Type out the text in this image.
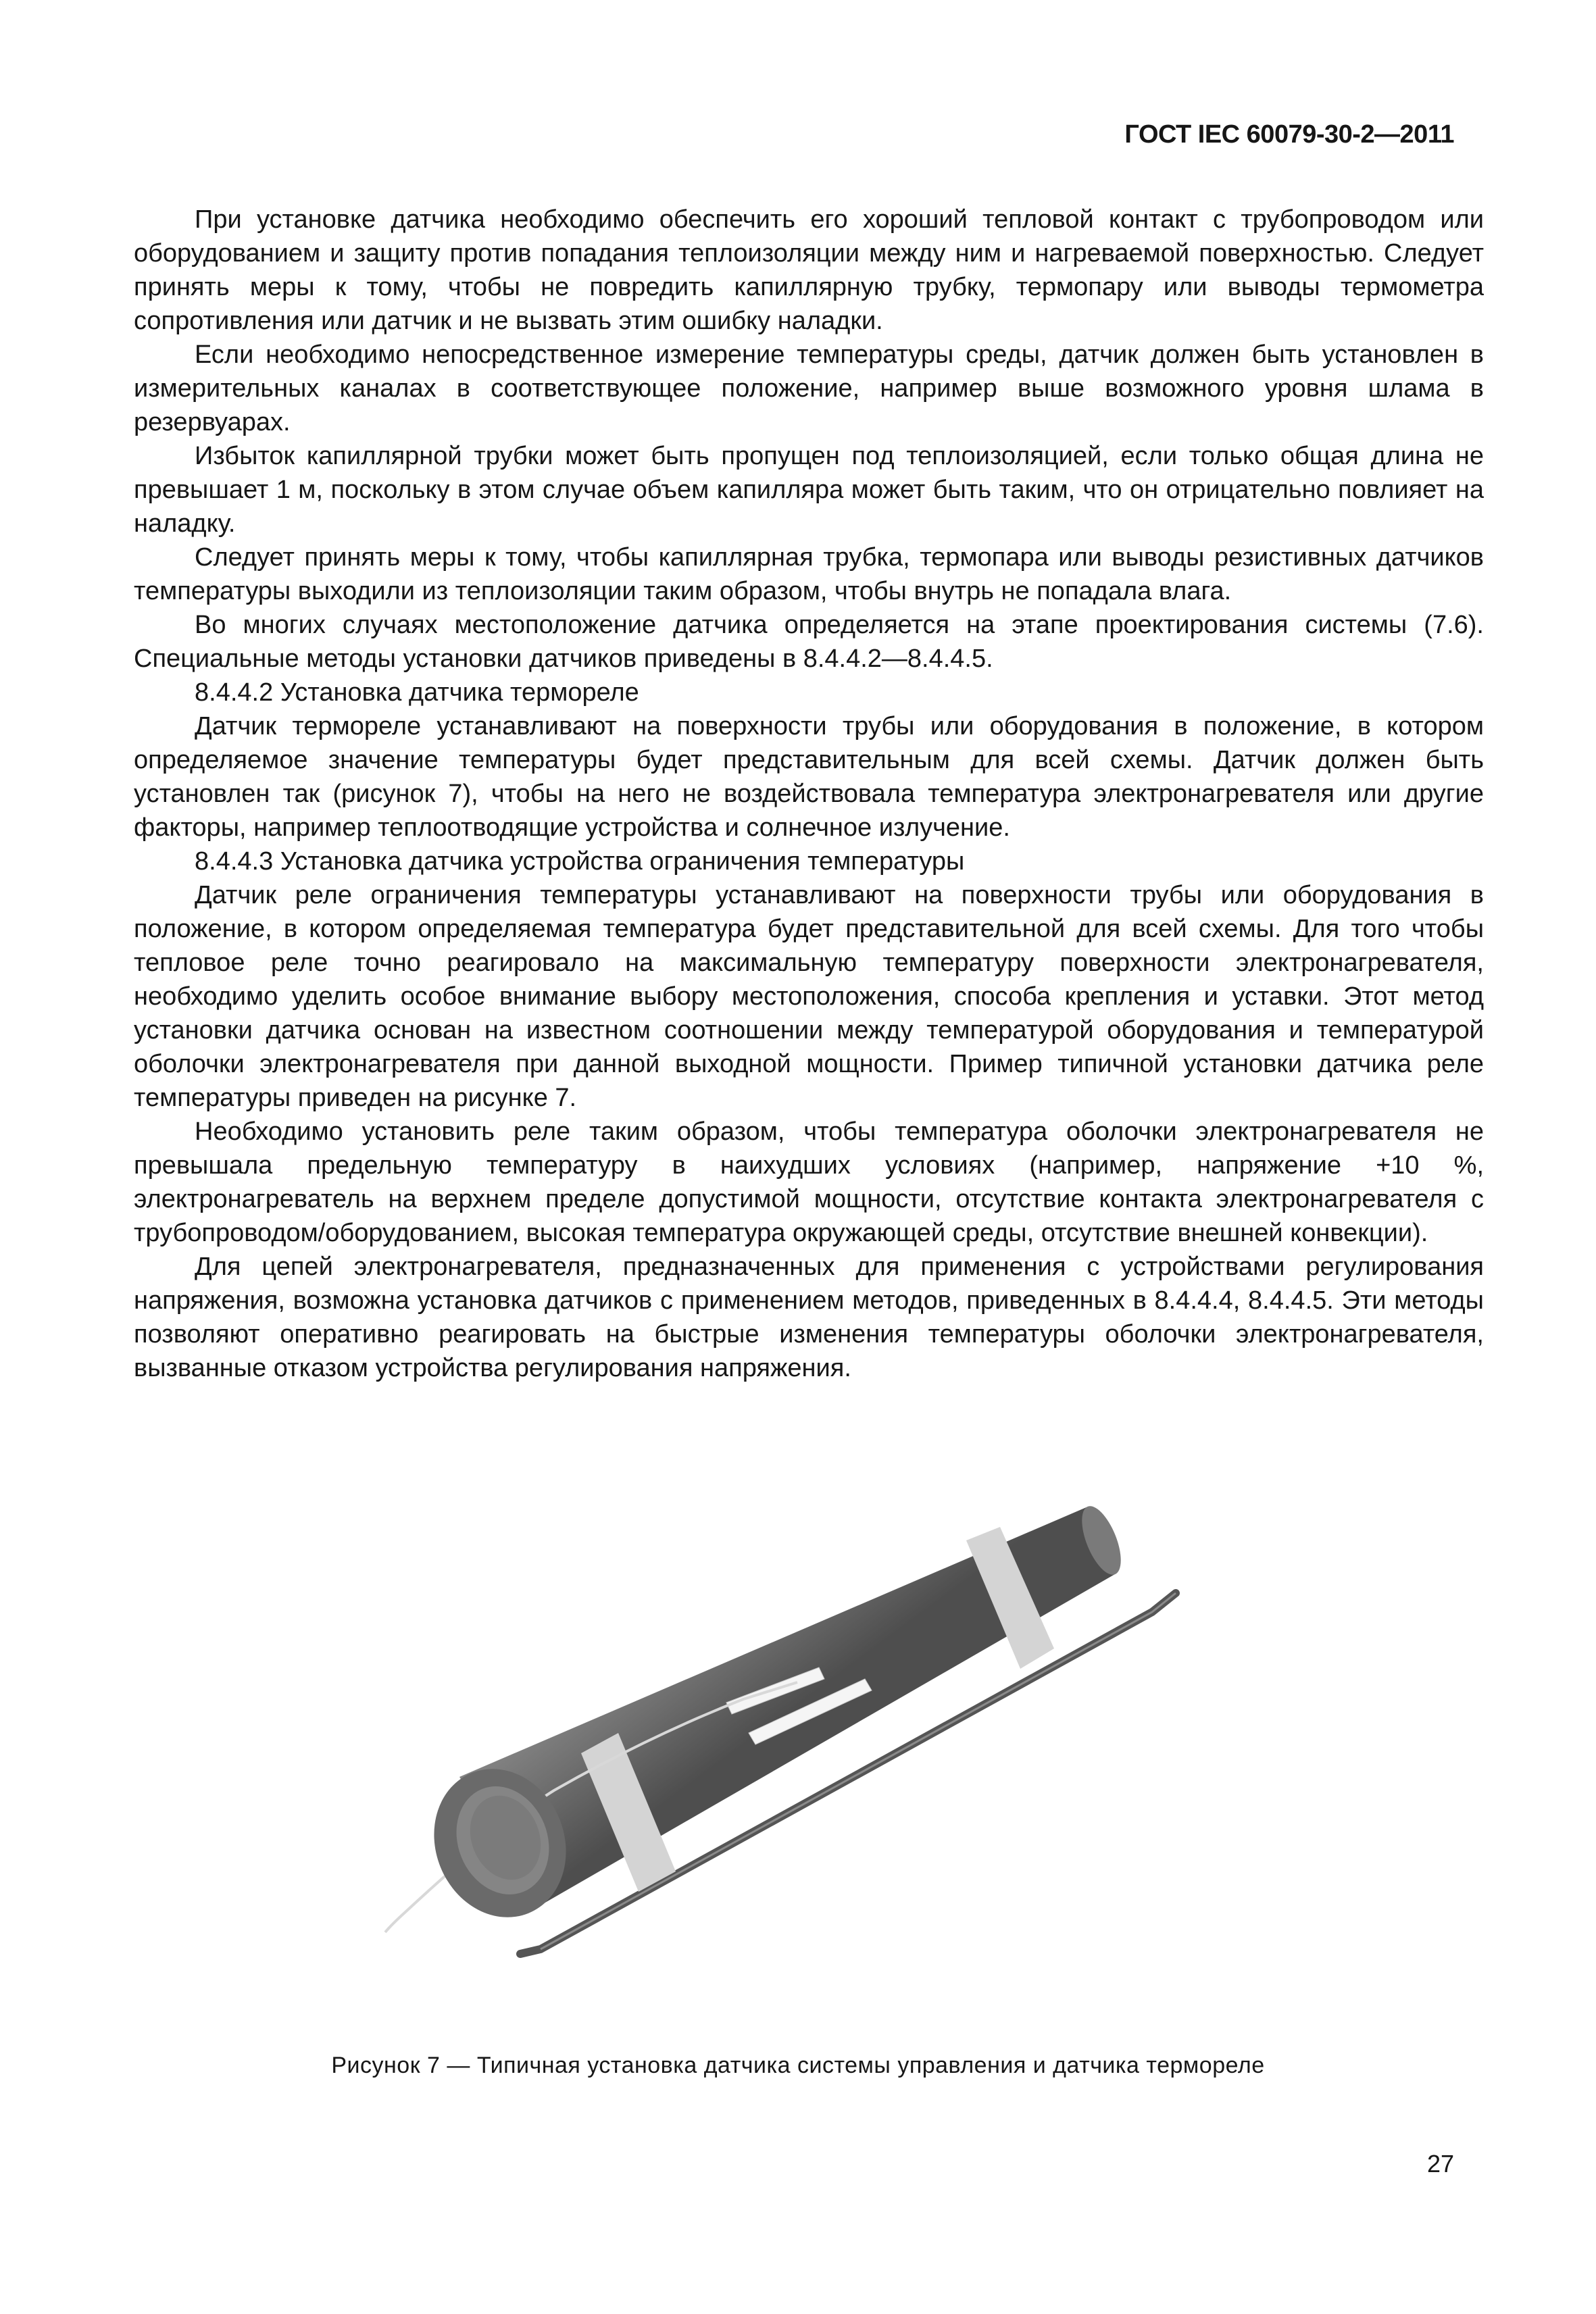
ГОСТ IEC 60079-30-2—2011

При установке датчика необходимо обеспечить его хороший тепловой контакт с трубопроводом или оборудованием и защиту против попадания теплоизоляции между ним и нагреваемой поверхностью. Следует принять меры к тому, чтобы не повредить капиллярную трубку, термопару или выводы термометра сопротивления или датчик и не вызвать этим ошибку наладки.

Если необходимо непосредственное измерение температуры среды, датчик должен быть установлен в измерительных каналах в соответствующее положение, например выше возможного уровня шлама в резервуарах.

Избыток капиллярной трубки может быть пропущен под теплоизоляцией, если только общая длина не превышает 1 м, поскольку в этом случае объем капилляра может быть таким, что он отрицательно повлияет на наладку.

Следует принять меры к тому, чтобы капиллярная трубка, термопара или выводы резистивных датчиков температуры выходили из теплоизоляции таким образом, чтобы внутрь не попадала влага.

Во многих случаях местоположение датчика определяется на этапе проектирования системы (7.6). Специальные методы установки датчиков приведены в 8.4.4.2—8.4.4.5.

8.4.4.2 Установка датчика термореле

Датчик термореле устанавливают на поверхности трубы или оборудования в положение, в котором определяемое значение температуры будет представительным для всей схемы. Датчик должен быть установлен так (рисунок 7), чтобы на него не воздействовала температура электронагревателя или другие факторы, например теплоотводящие устройства и солнечное излучение.

8.4.4.3 Установка датчика устройства ограничения температуры

Датчик реле ограничения температуры устанавливают на поверхности трубы или оборудования в положение, в котором определяемая температура будет представительной для всей схемы. Для того чтобы тепловое реле точно реагировало на максимальную температуру поверхности электронагревателя, необходимо уделить особое внимание выбору местоположения, способа крепления и уставки. Этот метод установки датчика основан на известном соотношении между температурой оборудования и температурой оболочки электронагревателя при данной выходной мощности. Пример типичной установки датчика реле температуры приведен на рисунке 7.

Необходимо установить реле таким образом, чтобы температура оболочки электронагревателя не превышала предельную температуру в наихудших условиях (например, напряжение +10 %, электронагреватель на верхнем пределе допустимой мощности, отсутствие контакта электронагревателя с трубопроводом/оборудованием, высокая температура окружающей среды, отсутствие внешней конвекции).

Для цепей электронагревателя, предназначенных для применения с устройствами регулирования напряжения, возможна установка датчиков с применением методов, приведенных в 8.4.4.4, 8.4.4.5. Эти методы позволяют оперативно реагировать на быстрые изменения температуры оболочки электронагревателя, вызванные отказом устройства регулирования напряжения.

Рисунок 7 — Типичная установка датчика системы управления и датчика термореле
27
